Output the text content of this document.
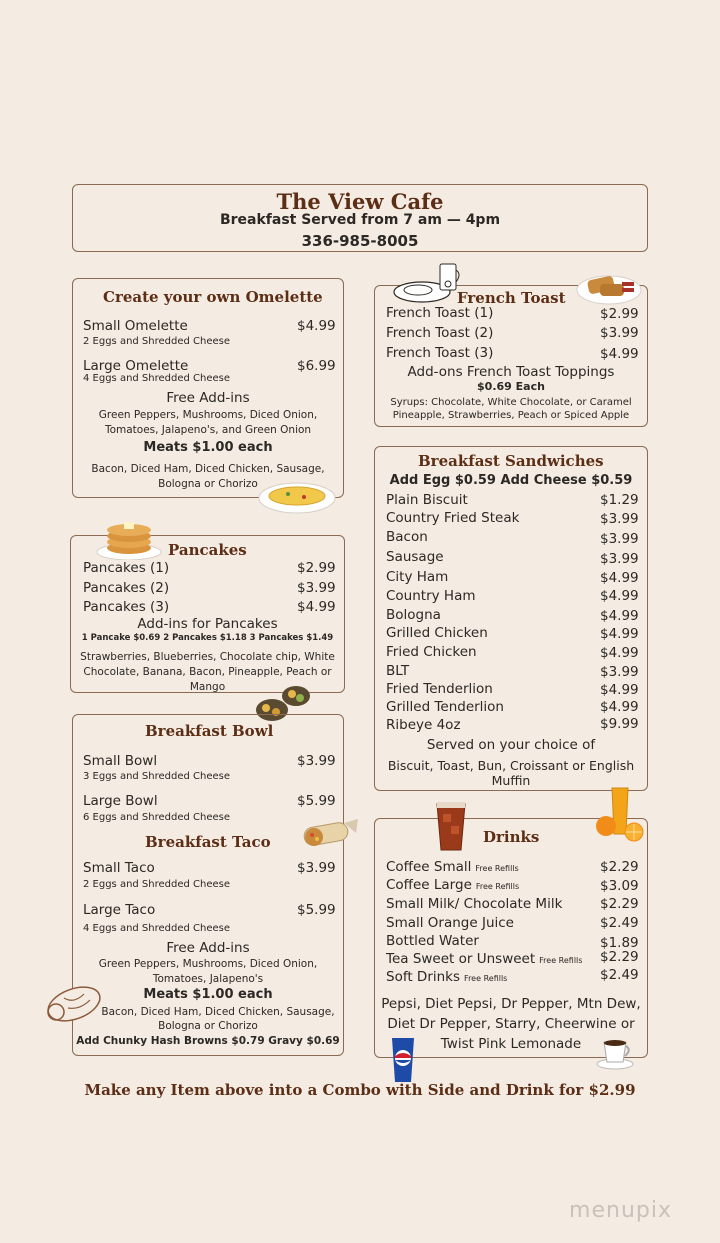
The View Cafe
Breakfast Served from 7 am — 4pm
336-985-8005
Create your own Omelette
Small Omelette	$4.99
2 Eggs and Shredded Cheese
Large Omelette	$6.99
4 Eggs and Shredded Cheese
Free Add-ins
Green Peppers, Mushrooms, Diced Onion,
Tomatoes, Jalapeno's, and Green Onion
Meats $1.00 each
Bacon, Diced Ham, Diced Chicken, Sausage,
Bologna or Chorizo
Pancakes
Pancakes (1)	$2.99
Pancakes (2)	$3.99
Pancakes (3)	$4.99
Add-ins for Pancakes
1 Pancake $0.69 2 Pancakes $1.18 3 Pancakes $1.49
Strawberries, Blueberries, Chocolate chip, White
Chocolate, Banana, Bacon, Pineapple, Peach or
Mango
Breakfast Bowl
Small Bowl	$3.99
3 Eggs and Shredded Cheese
Large Bowl	$5.99
6 Eggs and Shredded Cheese
Breakfast Taco
Small Taco	$3.99
2 Eggs and Shredded Cheese
Large Taco	$5.99
4 Eggs and Shredded Cheese
Free Add-ins
Green Peppers, Mushrooms, Diced Onion,
Tomatoes, Jalapeno's
Meats $1.00 each
Bacon, Diced Ham, Diced Chicken, Sausage,
Bologna or Chorizo
Add Chunky Hash Browns $0.79 Gravy $0.69
French Toast
French Toast (1)	$2.99
French Toast (2)	$3.99
French Toast (3)	$4.99
Add-ons French Toast Toppings
$0.69 Each
Syrups: Chocolate, White Chocolate, or Caramel
Pineapple, Strawberries, Peach or Spiced Apple
Breakfast Sandwiches
Add Egg $0.59 Add Cheese $0.59
Plain Biscuit	$1.29
Country Fried Steak	$3.99
Bacon	$3.99
Sausage	$3.99
City Ham	$4.99
Country Ham	$4.99
Bologna	$4.99
Grilled Chicken	$4.99
Fried Chicken	$4.99
BLT	$3.99
Fried Tenderlion	$4.99
Grilled Tenderlion	$4.99
Ribeye 4oz	$9.99
Served on your choice of
Biscuit, Toast, Bun, Croissant or English
Muffin
Drinks
Coffee Small Free Refills	$2.29
Coffee Large Free Refills	$3.09
Small Milk/ Chocolate Milk	$2.29
Small Orange Juice	$2.49
Bottled Water	$1.89
Tea Sweet or Unsweet Free Refills $2.29
Soft Drinks Free Refills	$2.49
Pepsi, Diet Pepsi, Dr Pepper, Mtn Dew,
Diet Dr Pepper, Starry, Cheerwine or
Twist Pink Lemonade
Make any Item above into a Combo with Side and Drink for $2.99
menupix
